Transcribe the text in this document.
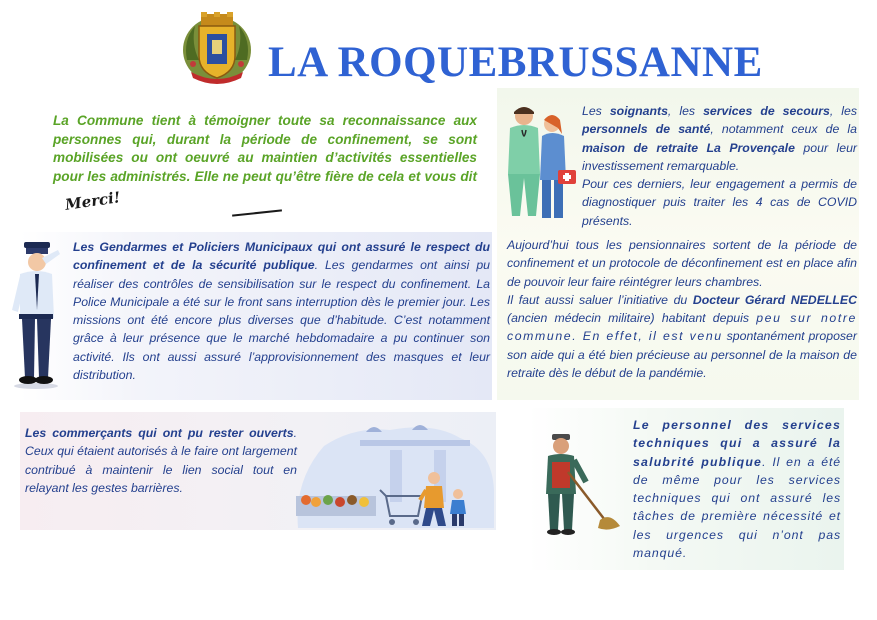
LA ROQUEBRUSSANNE
La Commune tient à témoigner toute sa reconnaissance aux personnes qui, durant la période de confinement, se sont mobilisées ou ont oeuvré au maintien d’activités essentielles pour les administrés. Elle ne peut qu’être fière de cela et vous ditMerci!
Les Gendarmes et Policiers Municipaux qui ont assuré le respect du confinement et de la sécurité publique. Les gendarmes ont ainsi pu réaliser des contrôles de sensibilisation sur le respect du confinement. La Police Municipale a été sur le front sans interruption dès le premier jour. Les missions ont été encore plus diverses que d’habitude. C’est notamment grâce à leur présence que le marché hebdomadaire a pu continuer son activité. Ils ont aussi assuré l’approvisionnement des masques et leur distribution.
Les soignants, les services de secours, les personnels de santé, notamment ceux de la maison de retraite La Provençale pour leur investissement remarquable.
Pour ces derniers, leur engagement a permis de diagnostiquer puis traiter les 4 cas de COVID présents.
Aujourd’hui tous les pensionnaires sortent de la période de confinement et un protocole de déconfinement est en place afin de pouvoir leur faire réintégrer leurs chambres.
Il faut aussi saluer l’initiative du Docteur Gérard NEDELLEC (ancien médecin militaire) habitant depuis peu sur notre commune. En effet, il est venu spontanément proposer son aide qui a été bien précieuse au personnel de la maison de retraite dès le début de la pandémie.
Les commerçants qui ont pu rester ouverts. Ceux qui étaient autorisés à le faire ont largement contribué à maintenir le lien social tout en relayant les gestes barrières.
Le personnel des services techniques qui a assuré la salubrité publique. Il en a été de même pour les services techniques qui ont assuré les tâches de première nécessité et les urgences qui n’ont pas manqué.
